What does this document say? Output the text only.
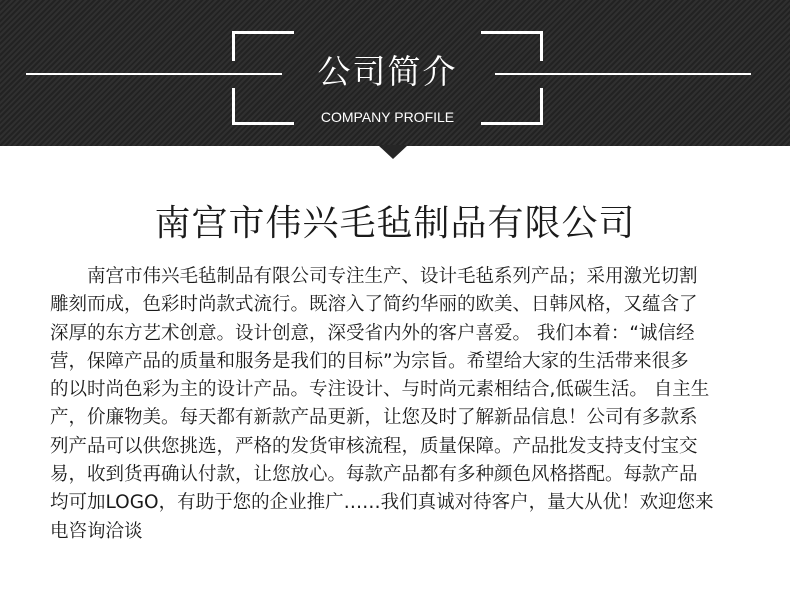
公司简介
COMPANY PROFILE
南宫市伟兴毛毡制品有限公司

南宫市伟兴毛毡制品有限公司专注生产、设计毛毡系列产品；采用激光切割
雕刻而成，色彩时尚款式流行。既溶入了简约华丽的欧美、日韩风格，又蕴含了
深厚的东方艺术创意。设计创意，深受省内外的客户喜爱。 我们本着：“诚信经
营，保障产品的质量和服务是我们的目标”为宗旨。希望给大家的生活带来很多
的以时尚色彩为主的设计产品。专注设计、与时尚元素相结合,低碳生活。 自主生
产，价廉物美。每天都有新款产品更新，让您及时了解新品信息！公司有多款系
列产品可以供您挑选，严格的发货审核流程，质量保障。产品批发支持支付宝交
易，收到货再确认付款，让您放心。每款产品都有多种颜色风格搭配。每款产品
均可加LOGO，有助于您的企业推广……我们真诚对待客户，量大从优！欢迎您来
电咨询洽谈
